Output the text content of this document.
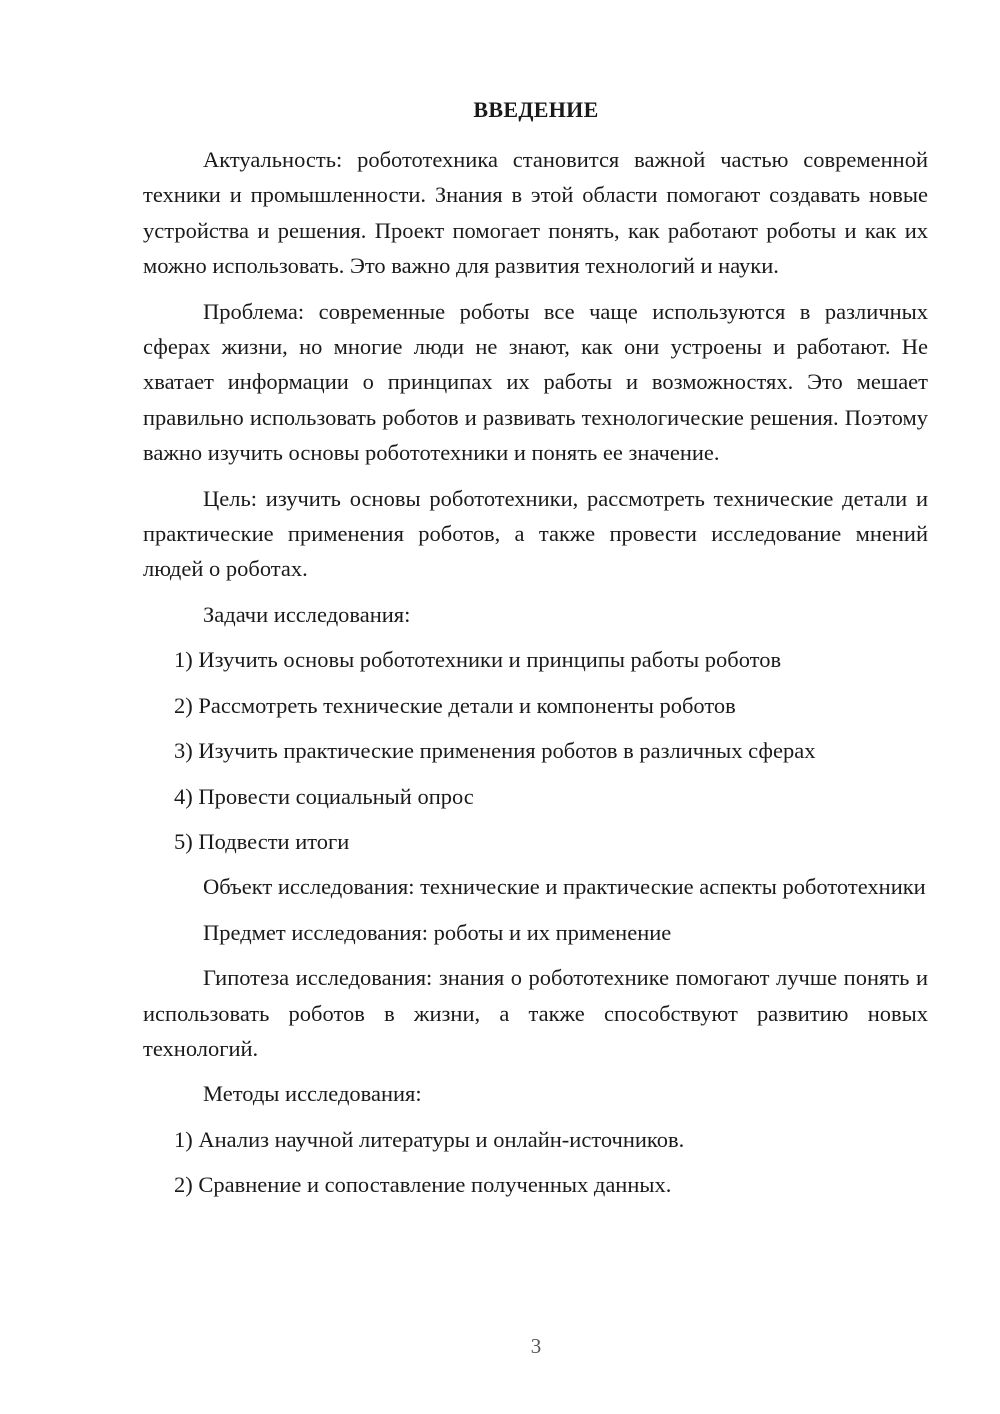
ВВЕДЕНИЕ

Актуальность: робототехника становится важной частью современной техники и промышленности. Знания в этой области помогают создавать новые устройства и решения. Проект помогает понять, как работают роботы и как их можно использовать. Это важно для развития технологий и науки.

Проблема: современные роботы все чаще используются в различных сферах жизни, но многие люди не знают, как они устроены и работают. Не хватает информации о принципах их работы и возможностях. Это мешает правильно использовать роботов и развивать технологические решения. Поэтому важно изучить основы робототехники и понять ее значение.

Цель: изучить основы робототехники, рассмотреть технические детали и практические применения роботов, а также провести исследование мнений людей о роботах.

Задачи исследования:

1) Изучить основы робототехники и принципы работы роботов
2) Рассмотреть технические детали и компоненты роботов
3) Изучить практические применения роботов в различных сферах
4) Провести социальный опрос
5) Подвести итоги

Объект исследования: технические и практические аспекты робототехники

Предмет исследования: роботы и их применение

Гипотеза исследования: знания о робототехнике помогают лучше понять и использовать роботов в жизни, а также способствуют развитию новых технологий.

Методы исследования:

1) Анализ научной литературы и онлайн-источников.
2) Сравнение и сопоставление полученных данных.
3
